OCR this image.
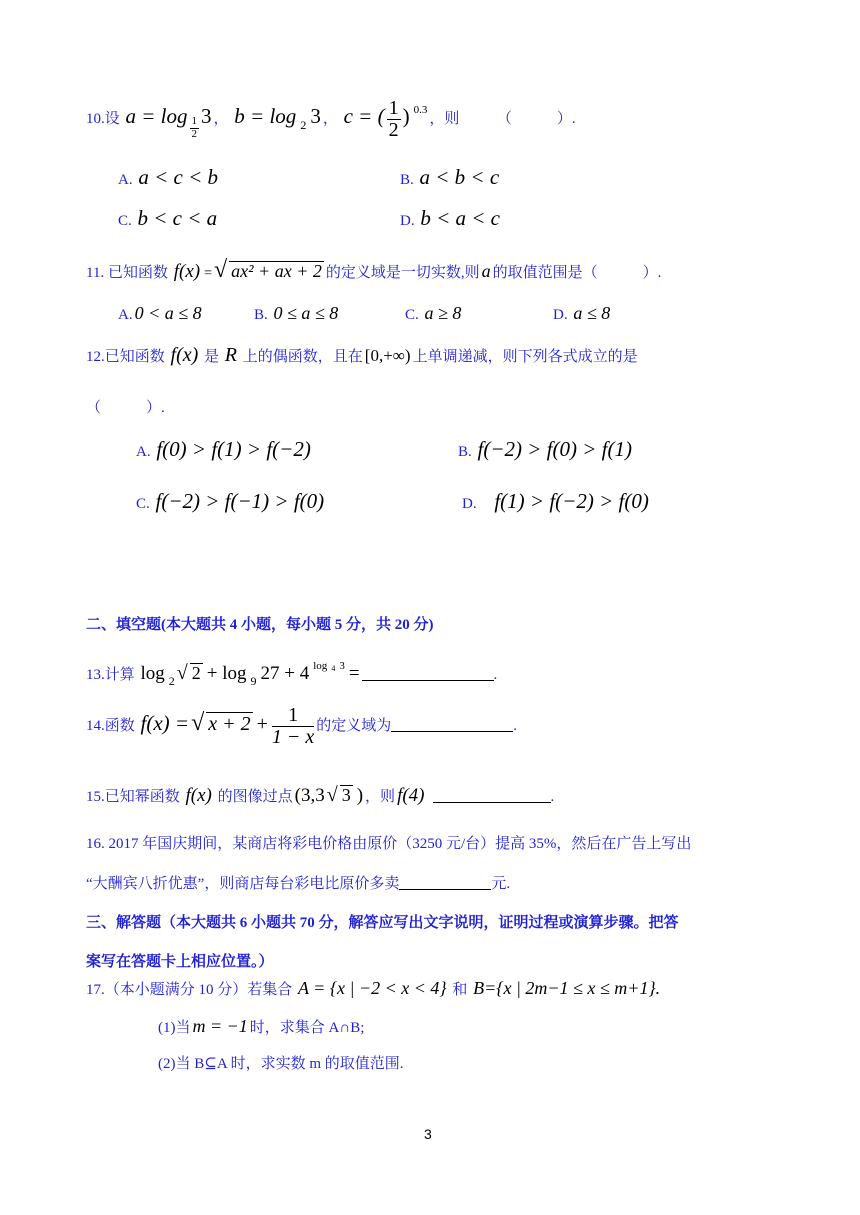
10.设 a = log
$\frac{1}{2}$
3 ， b = log $_2$ 3 ， c = ( $\frac{1}{2}$ ) $^{0.3}$，则　　　（　　　）.
A. a < c < b	B. a < b < c
C. b < c < a	D. b < a < c
11. 已知函数 f(x) =√ ax² + ax + 2 的定义域是一切实数,则 a 的取值范围是（　　　）.
A. 0 < a ≤ 8	B. 0 ≤ a ≤ 8	C. a ≥ 8	D. a ≤ 8
12.已知函数 f(x) 是 R 上的偶函数，且在 [0,+∞) 上单调递减，则下列各式成立的是
（　　　）.
A. f(0) > f(1) > f(−2)	B. f(−2) > f(0) > f(1)
C. f(−2) > f(−1) > f(0)	D. f(1) > f(−2) > f(0)
二、填空题(本大题共 4 小题，每小题 5 分，共 20 分)
13.计算 log $_2$ √ 2 + log $_9$ 27 + 4 $^{log}$ $^4$ $^3$ =	.
14.函数 f(x) =√ $x + 2 + \frac{1}{1 - x}$ 的定义域为	.
15.已知幂函数 f(x) 的图像过点 (3,3 √ 3 ) ，则 f(4)	.
16. 2017 年国庆期间，某商店将彩电价格由原价（3250 元/台）提高 35%，然后在广告上写出
“大酬宾八折优惠”，则商店每台彩电比原价多卖	元.
三、解答题（本大题共 6 小题共 70 分，解答应写出文字说明，证明过程或演算步骤。把答
案写在答题卡上相应位置。）
17.（本小题满分 10 分）若集合 A = {x | −2 < x < 4} 和 B={x | 2m−1 ≤ x ≤ m+1}.
(1)当 m = −1 时，求集合 A∩B;
(2)当 B⊆A 时，求实数 m 的取值范围.
3
